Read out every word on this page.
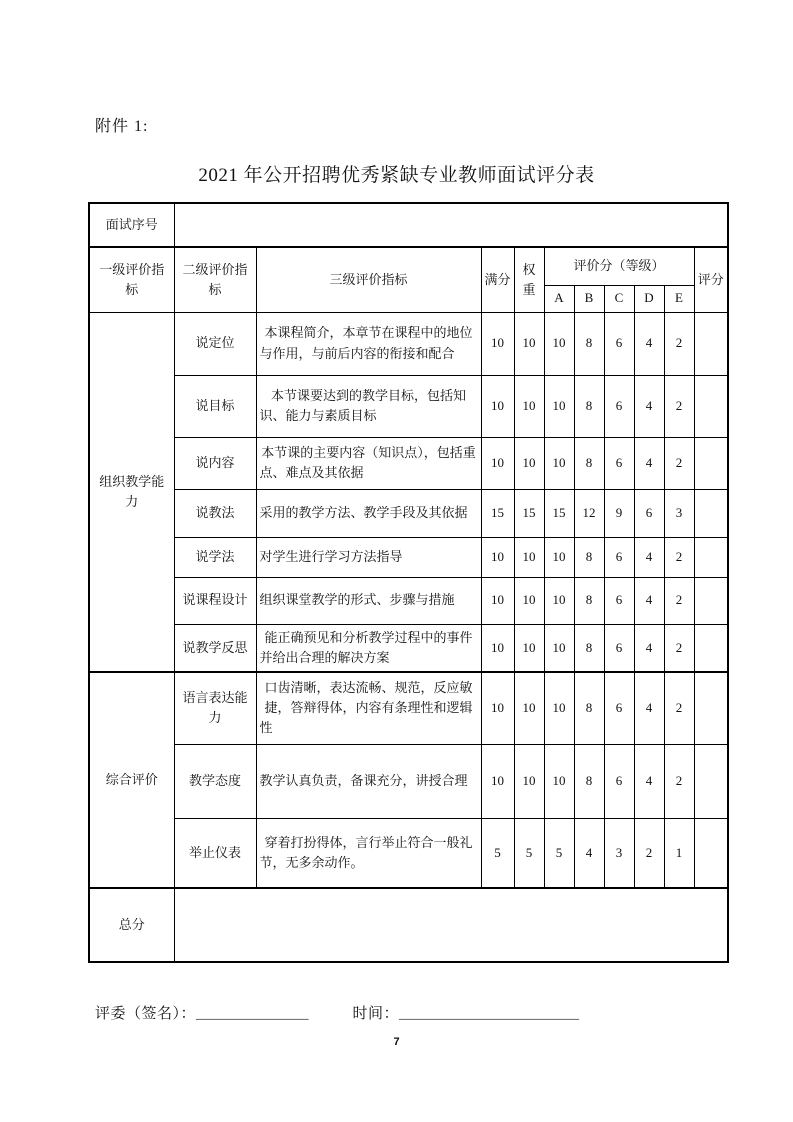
附件 1:
2021 年公开招聘优秀紧缺专业教师面试评分表
面试序号										
一级评价指标	二级评价指标	三级评价指标	满分	权重	评价分（等级）					评分
					A	B	C	D	E	
组织教学能力	说定位	本课程简介，本章节在课程中的地位与作用，与前后内容的衔接和配合	10	10	10	8	6	4	2	
	说目标	本节课要达到的教学目标，包括知识、能力与素质目标	10	10	10	8	6	4	2	
	说内容	本节课的主要内容（知识点），包括重点、难点及其依据	10	10	10	8	6	4	2	
	说教法	采用的教学方法、教学手段及其依据	15	15	15	12	9	6	3	
	说学法	对学生进行学习方法指导	10	10	10	8	6	4	2	
	说课程设计	组织课堂教学的形式、步骤与措施	10	10	10	8	6	4	2	
	说教学反思	能正确预见和分析教学过程中的事件并给出合理的解决方案	10	10	10	8	6	4	2	
综合评价	语言表达能力	口齿清晰，表达流畅、规范，反应敏捷，答辩得体，内容有条理性和逻辑性	10	10	10	8	6	4	2	
	教学态度	教学认真负责，备课充分，讲授合理	10	10	10	8	6	4	2	
	举止仪表	穿着打扮得体，言行举止符合一般礼节，无多余动作。	5	5	5	4	3	2	1	
总分										
评委（签名）：_______________	时间：________________________
7
